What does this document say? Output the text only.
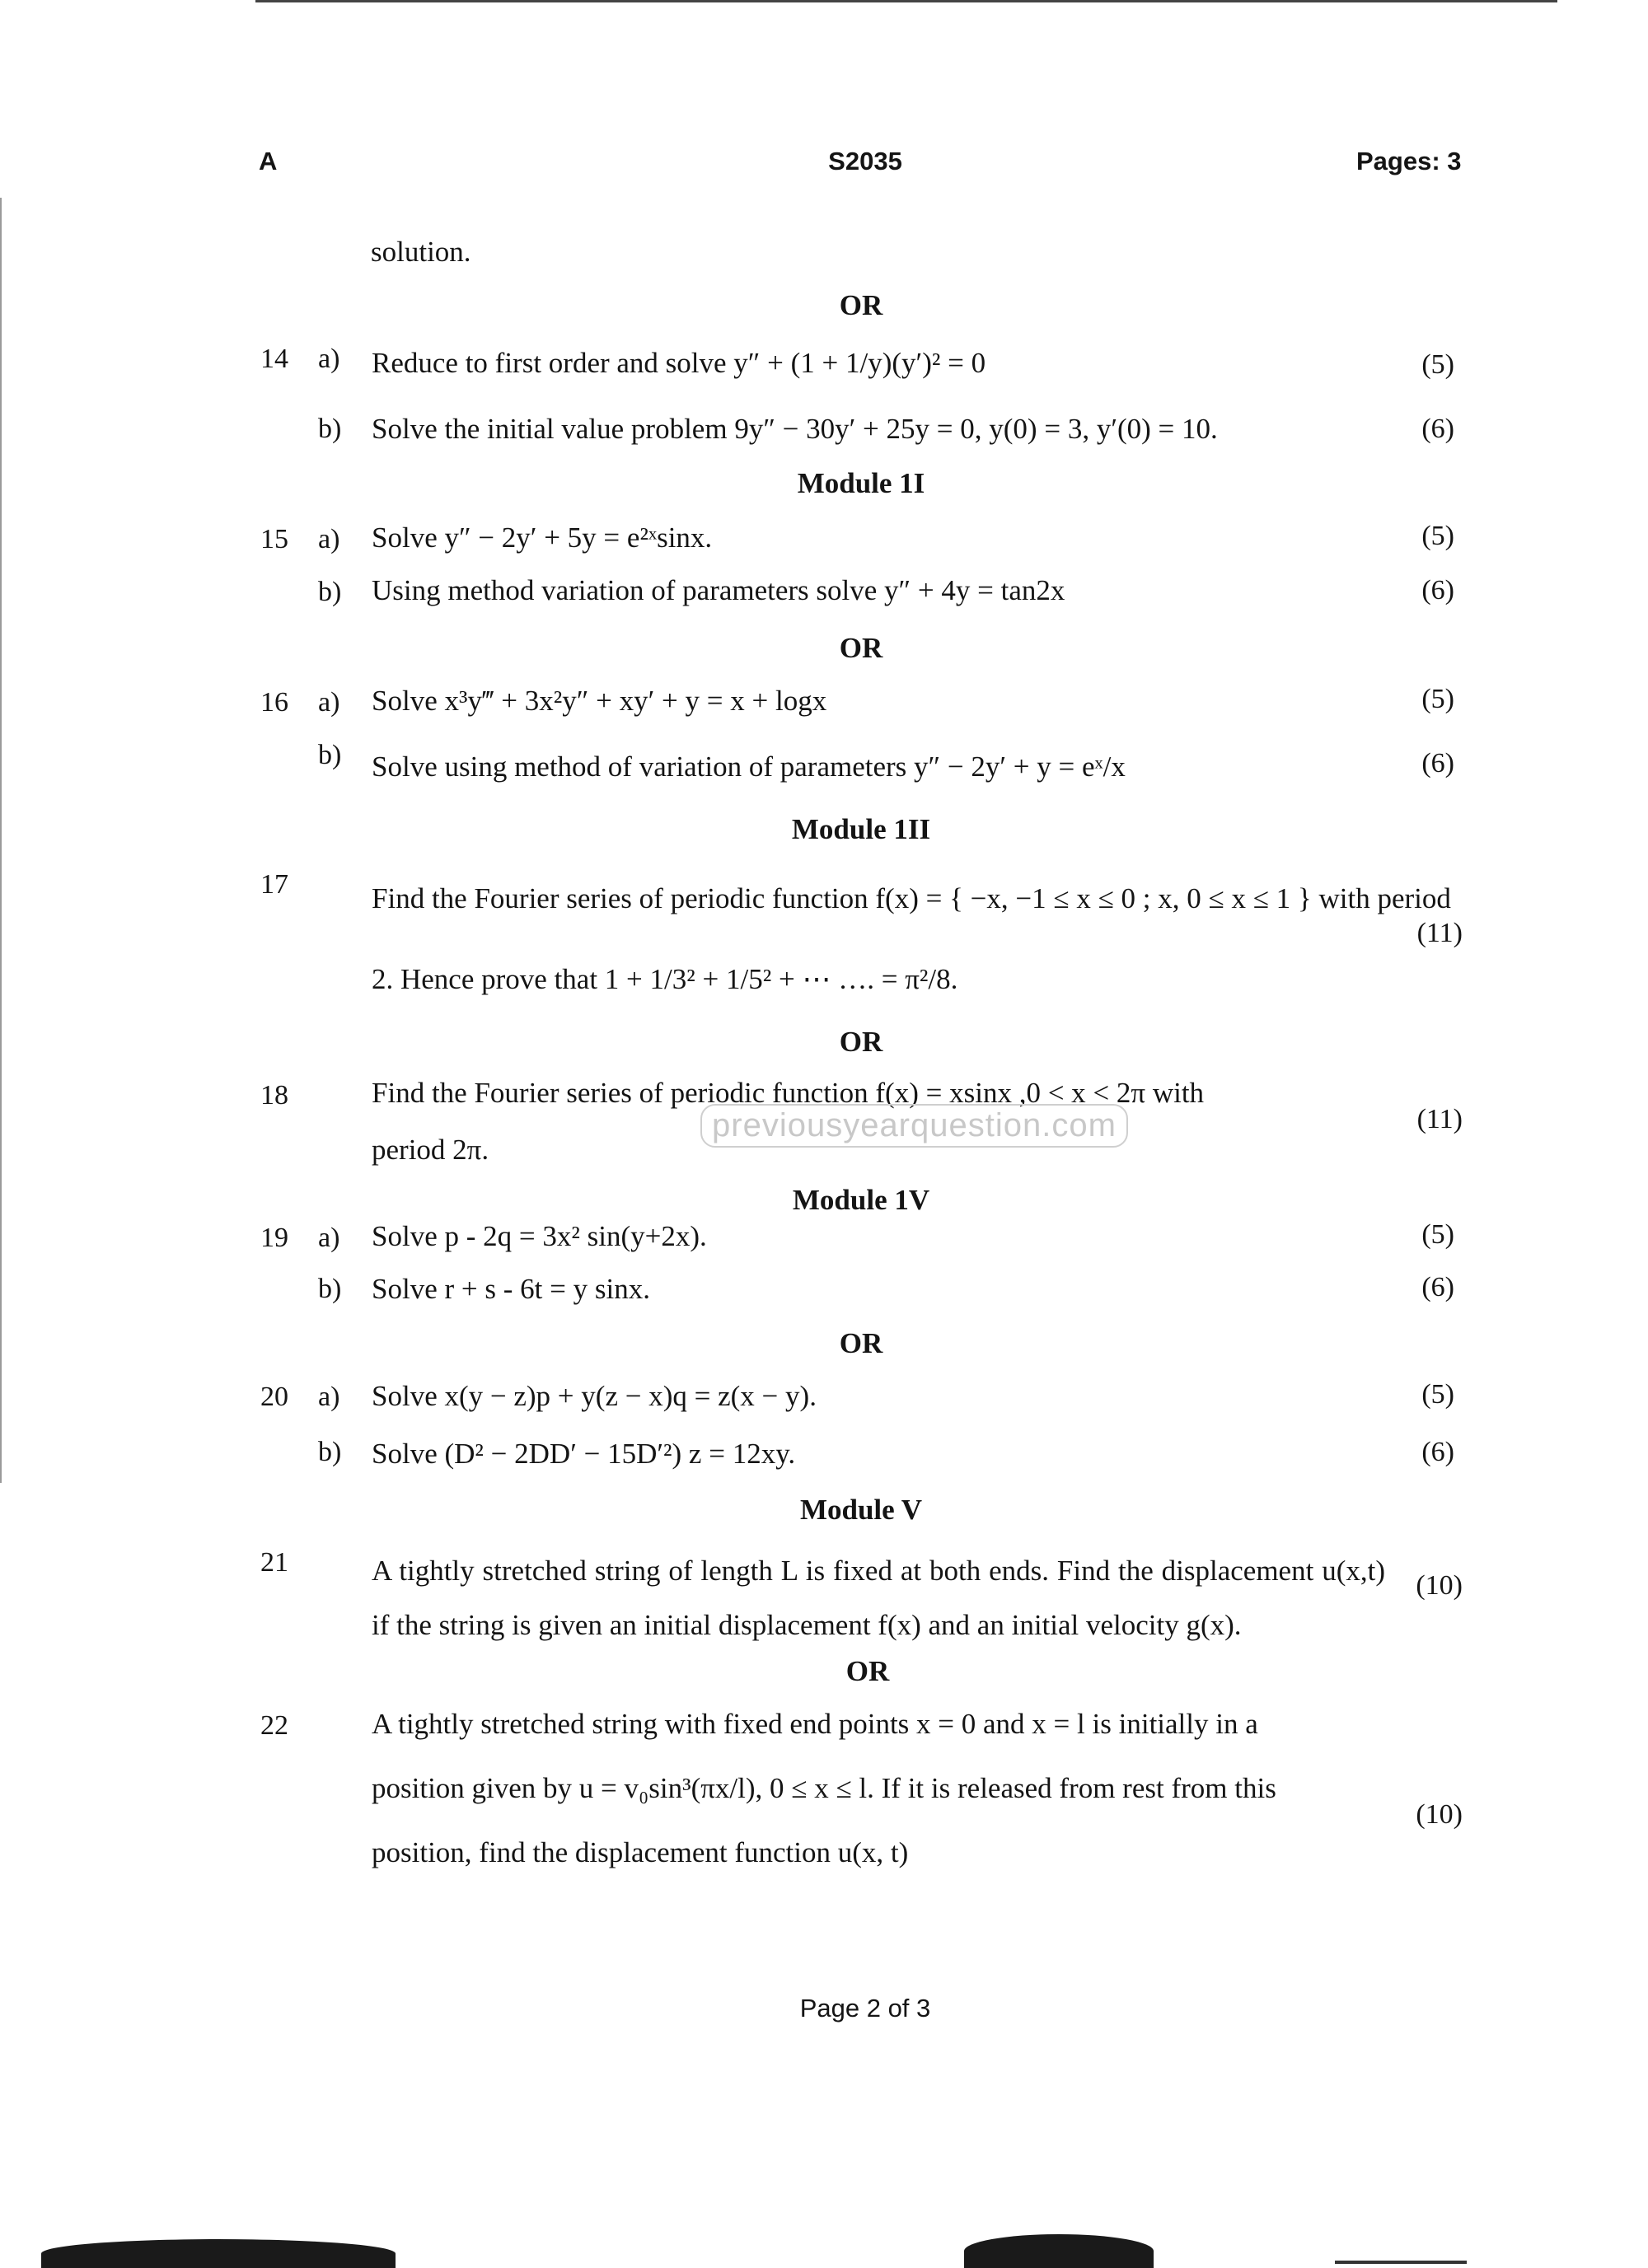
A	S2035	Pages: 3
solution.
OR
14 a) Reduce to first order and solve y″ + (1 + 1/y)(y′)² = 0	(5)
b) Solve the initial value problem 9y″ − 30y′ + 25y = 0, y(0) = 3, y′(0) = 10.	(6)
Module 1I
15 a) Solve y″ − 2y′ + 5y = e²ˣsinx.	(5)
b) Using method variation of parameters solve y″ + 4y = tan2x	(6)
OR
16 a) Solve x³y‴ + 3x²y″ + xy′ + y = x + logx	(5)
b) Solve using method of variation of parameters y″ − 2y′ + y = eˣ/x	(6)
Module 1II
17	Find the Fourier series of periodic function f(x) = { −x, −1 ≤ x ≤ 0 ; x, 0 ≤ x ≤ 1 } with period
2. Hence prove that 1 + 1/3² + 1/5² + ⋯ …. = π²/8.
(11)
OR
18	Find the Fourier series of periodic function f(x) = xsinx ,0 < x < 2π with
period 2π.
(11)
previousyearquestion.com
Module 1V
19 a) Solve p - 2q = 3x² sin(y+2x).	(5)
b) Solve r + s - 6t = y sinx.	(6)
OR
20 a) Solve x(y − z)p + y(z − x)q = z(x − y).	(5)
b) Solve (D² − 2DD′ − 15D′²) z = 12xy.	(6)
Module V
21	A tightly stretched string of length L is fixed at both ends. Find the displacement u(x,t) if the string is given an initial displacement f(x) and an initial velocity g(x).
(10)
OR
22	A tightly stretched string with fixed end points x = 0 and x = l is initially in a
position given by u = v₀sin³(πx/l), 0 ≤ x ≤ l. If it is released from rest from this
position, find the displacement function u(x, t)
(10)
Page 2 of 3
